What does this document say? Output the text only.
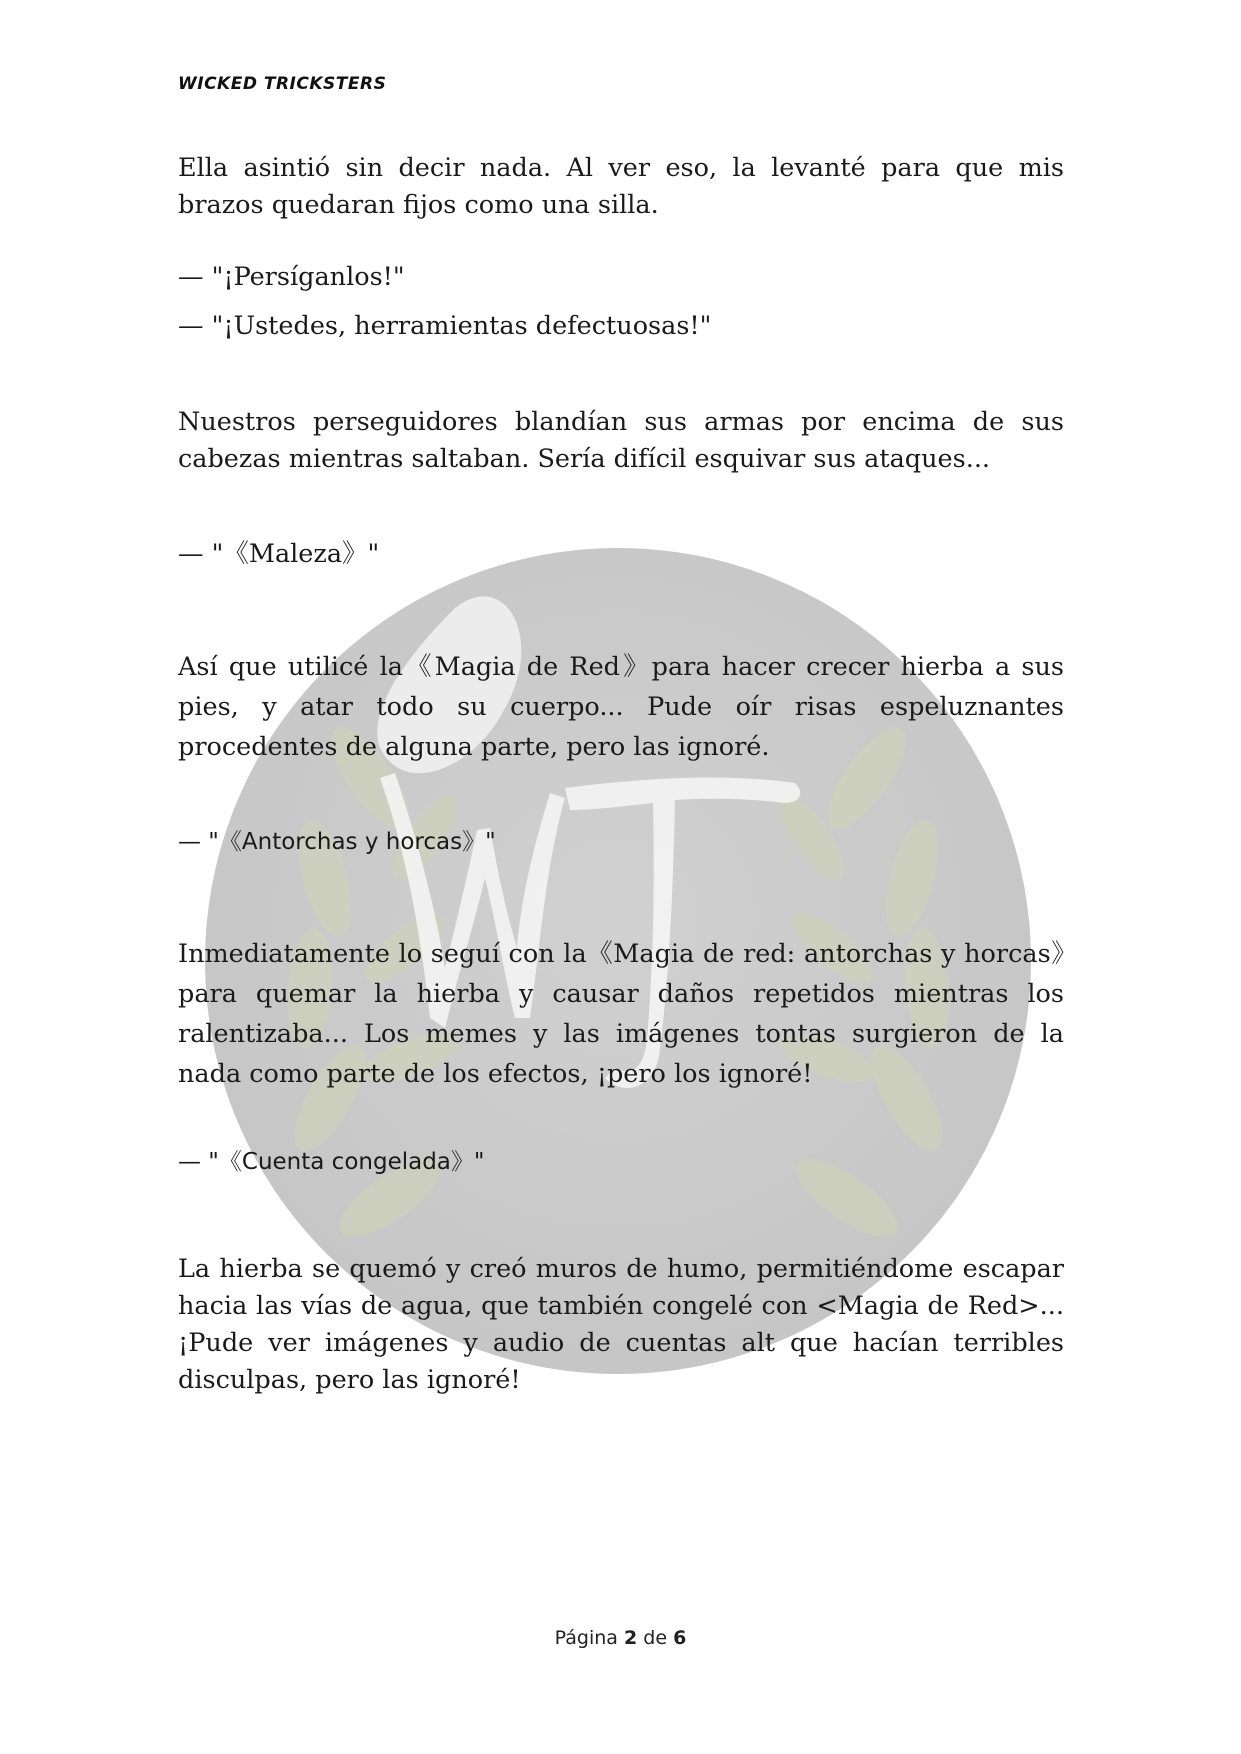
WICKED TRICKSTERS

Ella asintió sin decir nada. Al ver eso, la levanté para que mis brazos quedaran fijos como una silla.

— "¡Persíganlos!"

— "¡Ustedes, herramientas defectuosas!"

Nuestros perseguidores blandían sus armas por encima de sus cabezas mientras saltaban. Sería difícil esquivar sus ataques...

— "《Maleza》"

Así que utilicé la《Magia de Red》para hacer crecer hierba a sus pies, y atar todo su cuerpo... Pude oír risas espeluznantes procedentes de alguna parte, pero las ignoré.

— "《Antorchas y horcas》"

Inmediatamente lo seguí con la《Magia de red: antorchas y horcas》para quemar la hierba y causar daños repetidos mientras los ralentizaba... Los memes y las imágenes tontas surgieron de la nada como parte de los efectos, ¡pero los ignoré!

— "《Cuenta congelada》"

La hierba se quemó y creó muros de humo, permitiéndome escapar hacia las vías de agua, que también congelé con <Magia de Red>... ¡Pude ver imágenes y audio de cuentas alt que hacían terribles disculpas, pero las ignoré!

Página 2 de 6
